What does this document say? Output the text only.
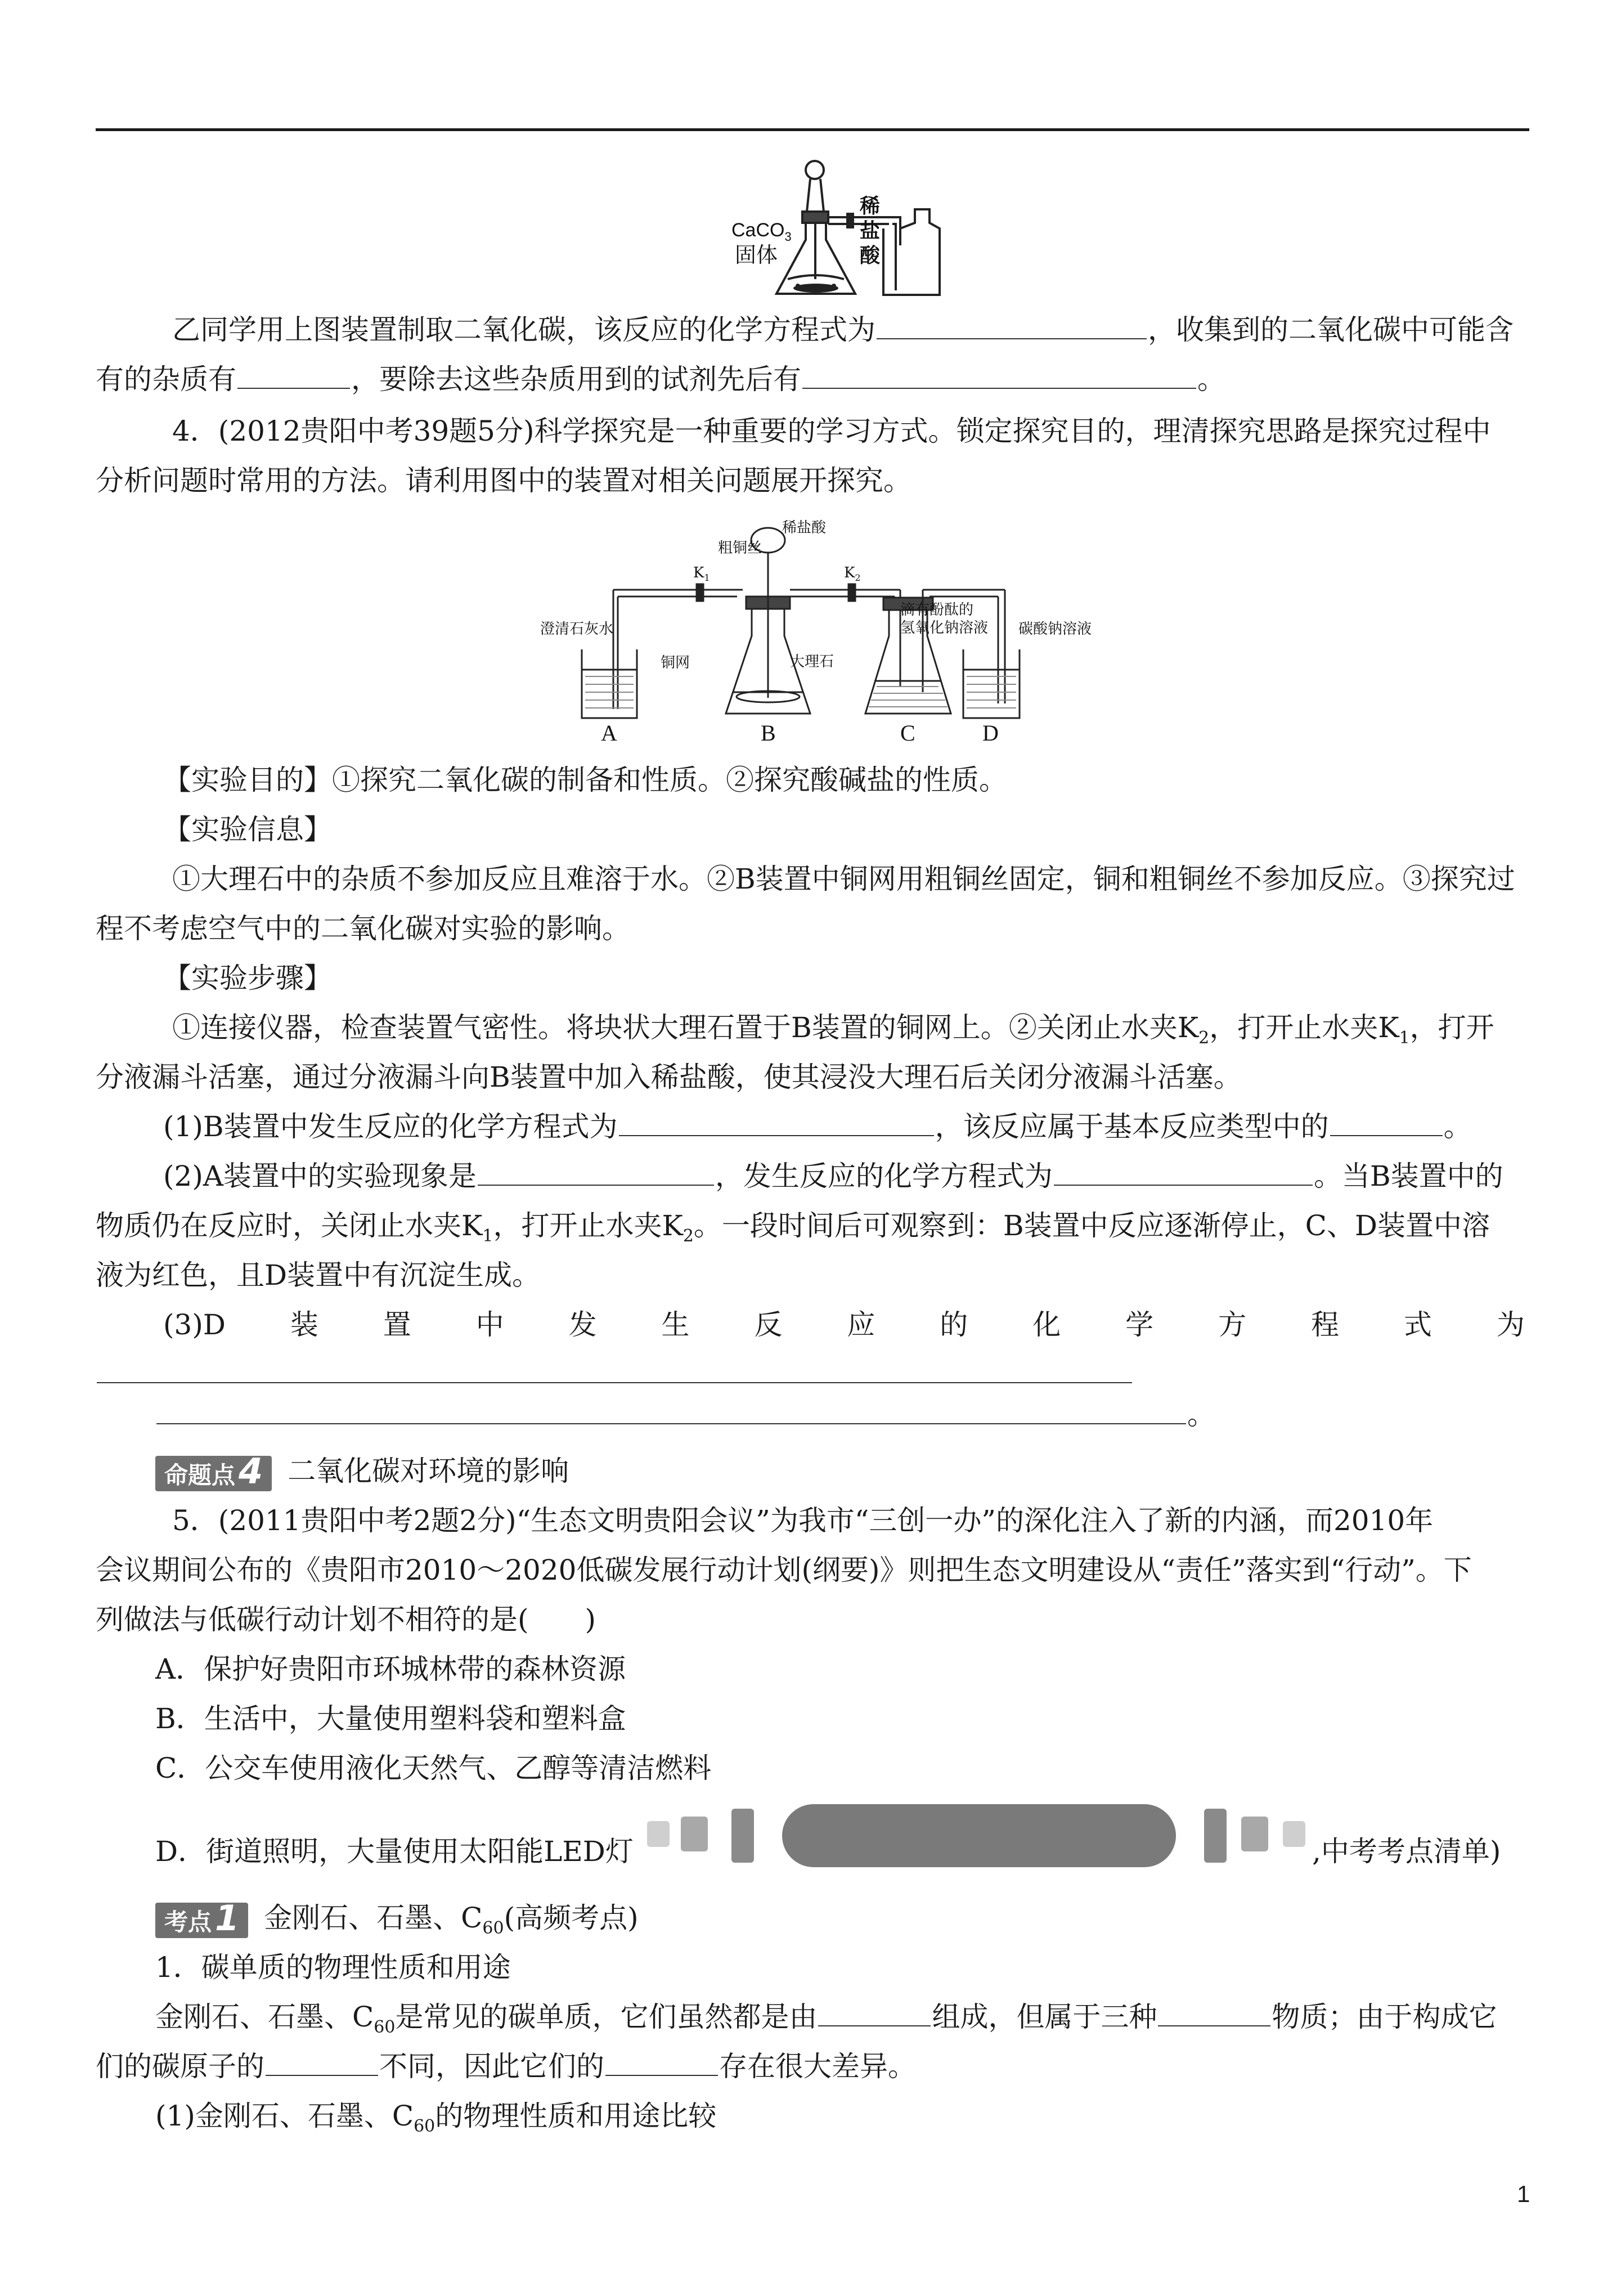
CaCO$_3$
固体
稀
盐
酸
乙同学用上图装置制取二氧化碳，该反应的化学方程式为	，收集到的二氧化碳中可能含
有的杂质有	，要除去这些杂质用到的试剂先后有	。
4．(2012贵阳中考39题5分)科学探究是一种重要的学习方式。锁定探究目的，理清探究思路是探究过程中
分析问题时常用的方法。请利用图中的装置对相关问题展开探究。
稀盐酸
粗铜丝
$K_1$	$K_2$
澄清石灰水
铜网	大理石
滴有酚酞的
氢氧化钠溶液 碳酸钠溶液
A	B	C	D
【实验目的】①探究二氧化碳的制备和性质。②探究酸碱盐的性质。
【实验信息】
①大理石中的杂质不参加反应且难溶于水。②B装置中铜网用粗铜丝固定，铜和粗铜丝不参加反应。③探究过
程不考虑空气中的二氧化碳对实验的影响。
【实验步骤】
①连接仪器，检查装置气密性。将块状大理石置于B装置的铜网上。②关闭止水夹$K_2$，打开止水夹$K_1$，打开
分液漏斗活塞，通过分液漏斗向B装置中加入稀盐酸，使其浸没大理石后关闭分液漏斗活塞。
(1)B装置中发生反应的化学方程式为	，该反应属于基本反应类型中的	。
(2)A装置中的实验现象是	，发生反应的化学方程式为	。当B装置中的
物质仍在反应时，关闭止水夹$K_1$，打开止水夹$K_2$。一段时间后可观察到：B装置中反应逐渐停止，C、D装置中溶
液为红色，且D装置中有沉淀生成。
(3)D 装 置 中 发 生 反 应 的 化 学 方 程 式 为
。
命题点4 二氧化碳对环境的影响
5．(2011贵阳中考2题2分)“生态文明贵阳会议”为我市“三创一办”的深化注入了新的内涵，而2010年
会议期间公布的《贵阳市2010～2020低碳发展行动计划(纲要)》则把生态文明建设从“责任”落实到“行动”。下
列做法与低碳行动计划不相符的是(　　)
A．保护好贵阳市环城林带的森林资源
B．生活中，大量使用塑料袋和塑料盒
C．公交车使用液化天然气、乙醇等清洁燃料
D．街道照明，大量使用太阳能LED灯	,中考考点清单)
考点1 金刚石、石墨、$C_{60}$(高频考点)
1．碳单质的物理性质和用途
金刚石、石墨、$C_{60}$是常见的碳单质，它们虽然都是由	组成，但属于三种	物质；由于构成它
们的碳原子的	不同，因此它们的	存在很大差异。
(1)金刚石、石墨、$C_{60}$的物理性质和用途比较
1
